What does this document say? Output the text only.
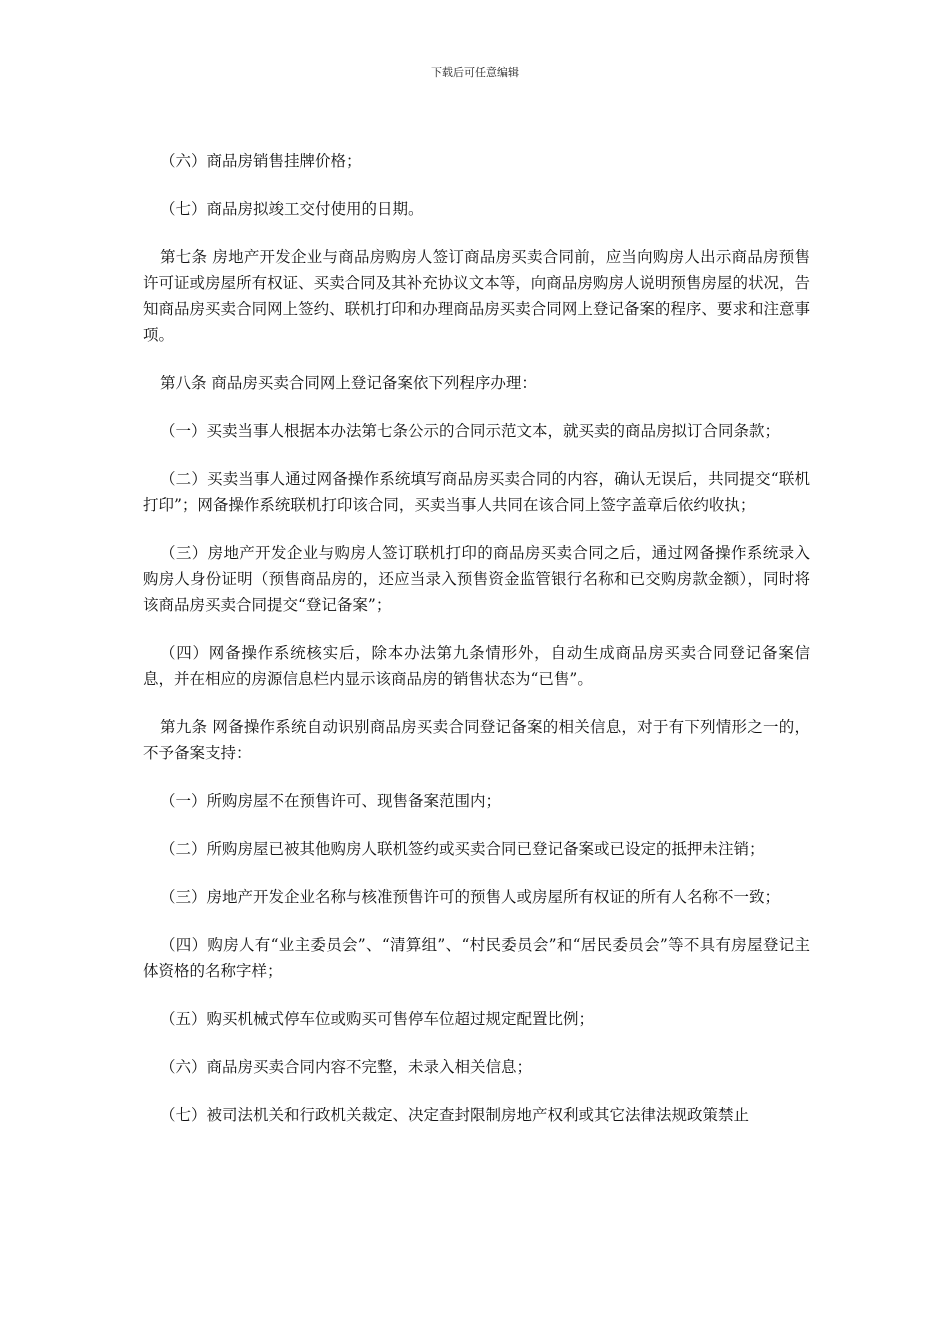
下载后可任意编辑

（六）商品房销售挂牌价格；

（七）商品房拟竣工交付使用的日期。

第七条 房地产开发企业与商品房购房人签订商品房买卖合同前，应当向购房人出示商品房预售许可证或房屋所有权证、买卖合同及其补充协议文本等，向商品房购房人说明预售房屋的状况，告知商品房买卖合同网上签约、联机打印和办理商品房买卖合同网上登记备案的程序、要求和注意事项。

第八条 商品房买卖合同网上登记备案依下列程序办理：

（一）买卖当事人根据本办法第七条公示的合同示范文本，就买卖的商品房拟订合同条款；

（二）买卖当事人通过网备操作系统填写商品房买卖合同的内容，确认无误后，共同提交“联机打印”；网备操作系统联机打印该合同，买卖当事人共同在该合同上签字盖章后依约收执；

（三）房地产开发企业与购房人签订联机打印的商品房买卖合同之后，通过网备操作系统录入购房人身份证明（预售商品房的，还应当录入预售资金监管银行名称和已交购房款金额），同时将该商品房买卖合同提交“登记备案”；

（四）网备操作系统核实后，除本办法第九条情形外，自动生成商品房买卖合同登记备案信息，并在相应的房源信息栏内显示该商品房的销售状态为“已售”。

第九条 网备操作系统自动识别商品房买卖合同登记备案的相关信息，对于有下列情形之一的，不予备案支持：

（一）所购房屋不在预售许可、现售备案范围内；

（二）所购房屋已被其他购房人联机签约或买卖合同已登记备案或已设定的抵押未注销；

（三）房地产开发企业名称与核准预售许可的预售人或房屋所有权证的所有人名称不一致；

（四）购房人有“业主委员会”、“清算组”、“村民委员会”和“居民委员会”等不具有房屋登记主体资格的名称字样；

（五）购买机械式停车位或购买可售停车位超过规定配置比例；

（六）商品房买卖合同内容不完整，未录入相关信息；

（七）被司法机关和行政机关裁定、决定查封限制房地产权利或其它法律法规政策禁止
